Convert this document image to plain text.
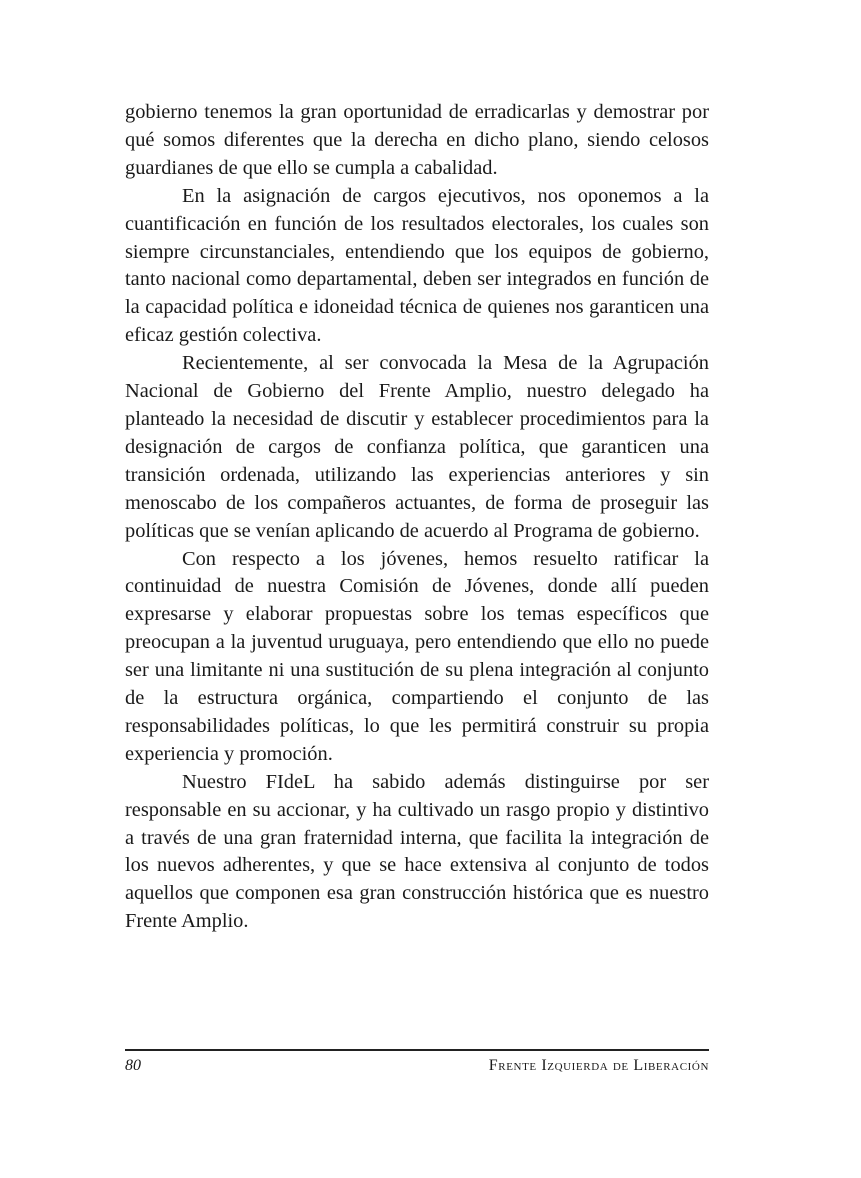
gobierno tenemos la gran oportunidad de erradicarlas y demostrar por qué somos diferentes que la derecha en dicho plano, siendo celosos guardianes de que ello se cumpla a cabalidad.

En la asignación de cargos ejecutivos, nos oponemos a la cuantificación en función de los resultados electorales, los cuales son siempre circunstanciales, entendiendo que los equipos de gobierno, tanto nacional como departamental, deben ser integrados en función de la capacidad política e idoneidad técnica de quienes nos garanticen una eficaz gestión colectiva.

Recientemente, al ser convocada la Mesa de la Agrupación Nacional de Gobierno del Frente Amplio, nuestro delegado ha planteado la necesidad de discutir y establecer procedimientos para la designación de cargos de confianza política, que garanticen una transición ordenada, utilizando las experiencias anteriores y sin menoscabo de los compañeros actuantes, de forma de proseguir las políticas que se venían aplicando de acuerdo al Programa de gobierno.

Con respecto a los jóvenes, hemos resuelto ratificar la continuidad de nuestra Comisión de Jóvenes, donde allí pueden expresarse y elaborar propuestas sobre los temas específicos que preocupan a la juventud uruguaya, pero entendiendo que ello no puede ser una limitante ni una sustitución de su plena integración al conjunto de la estructura orgánica, compartiendo el conjunto de las responsabilidades políticas, lo que les permitirá construir su propia experiencia y promoción.

Nuestro FIdeL ha sabido además distinguirse por ser responsable en su accionar, y ha cultivado un rasgo propio y distintivo a través de una gran fraternidad interna, que facilita la integración de los nuevos adherentes, y que se hace extensiva al conjunto de todos aquellos que componen esa gran construcción histórica que es nuestro Frente Amplio.

80	Frente Izquierda de Liberación
